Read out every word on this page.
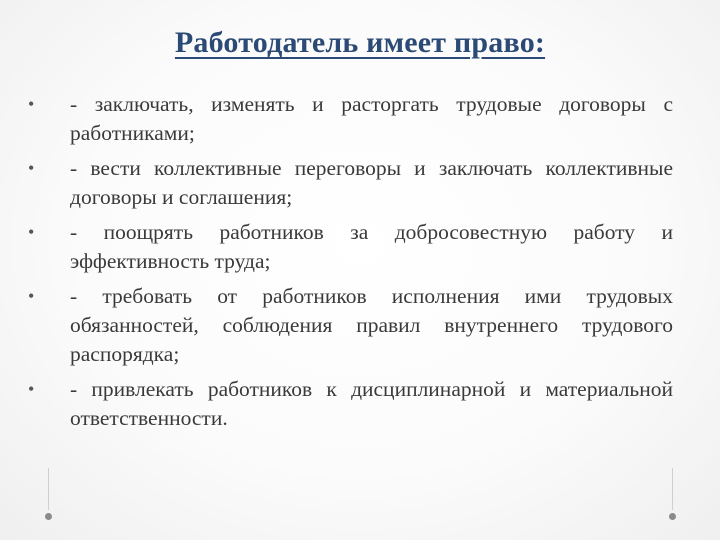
Работодатель имеет право:
•	- заключать, изменять и расторгать трудовые договоры с работниками;
•	- вести коллективные переговоры и заключать коллективные договоры и соглашения;
•	- поощрять работников за добросовестную работу и эффективность труда;
•	- требовать от работников исполнения ими трудовых обязанностей, соблюдения правил внутреннего трудового распорядка;
•	- привлекать работников к дисциплинарной и материальной ответственности.
